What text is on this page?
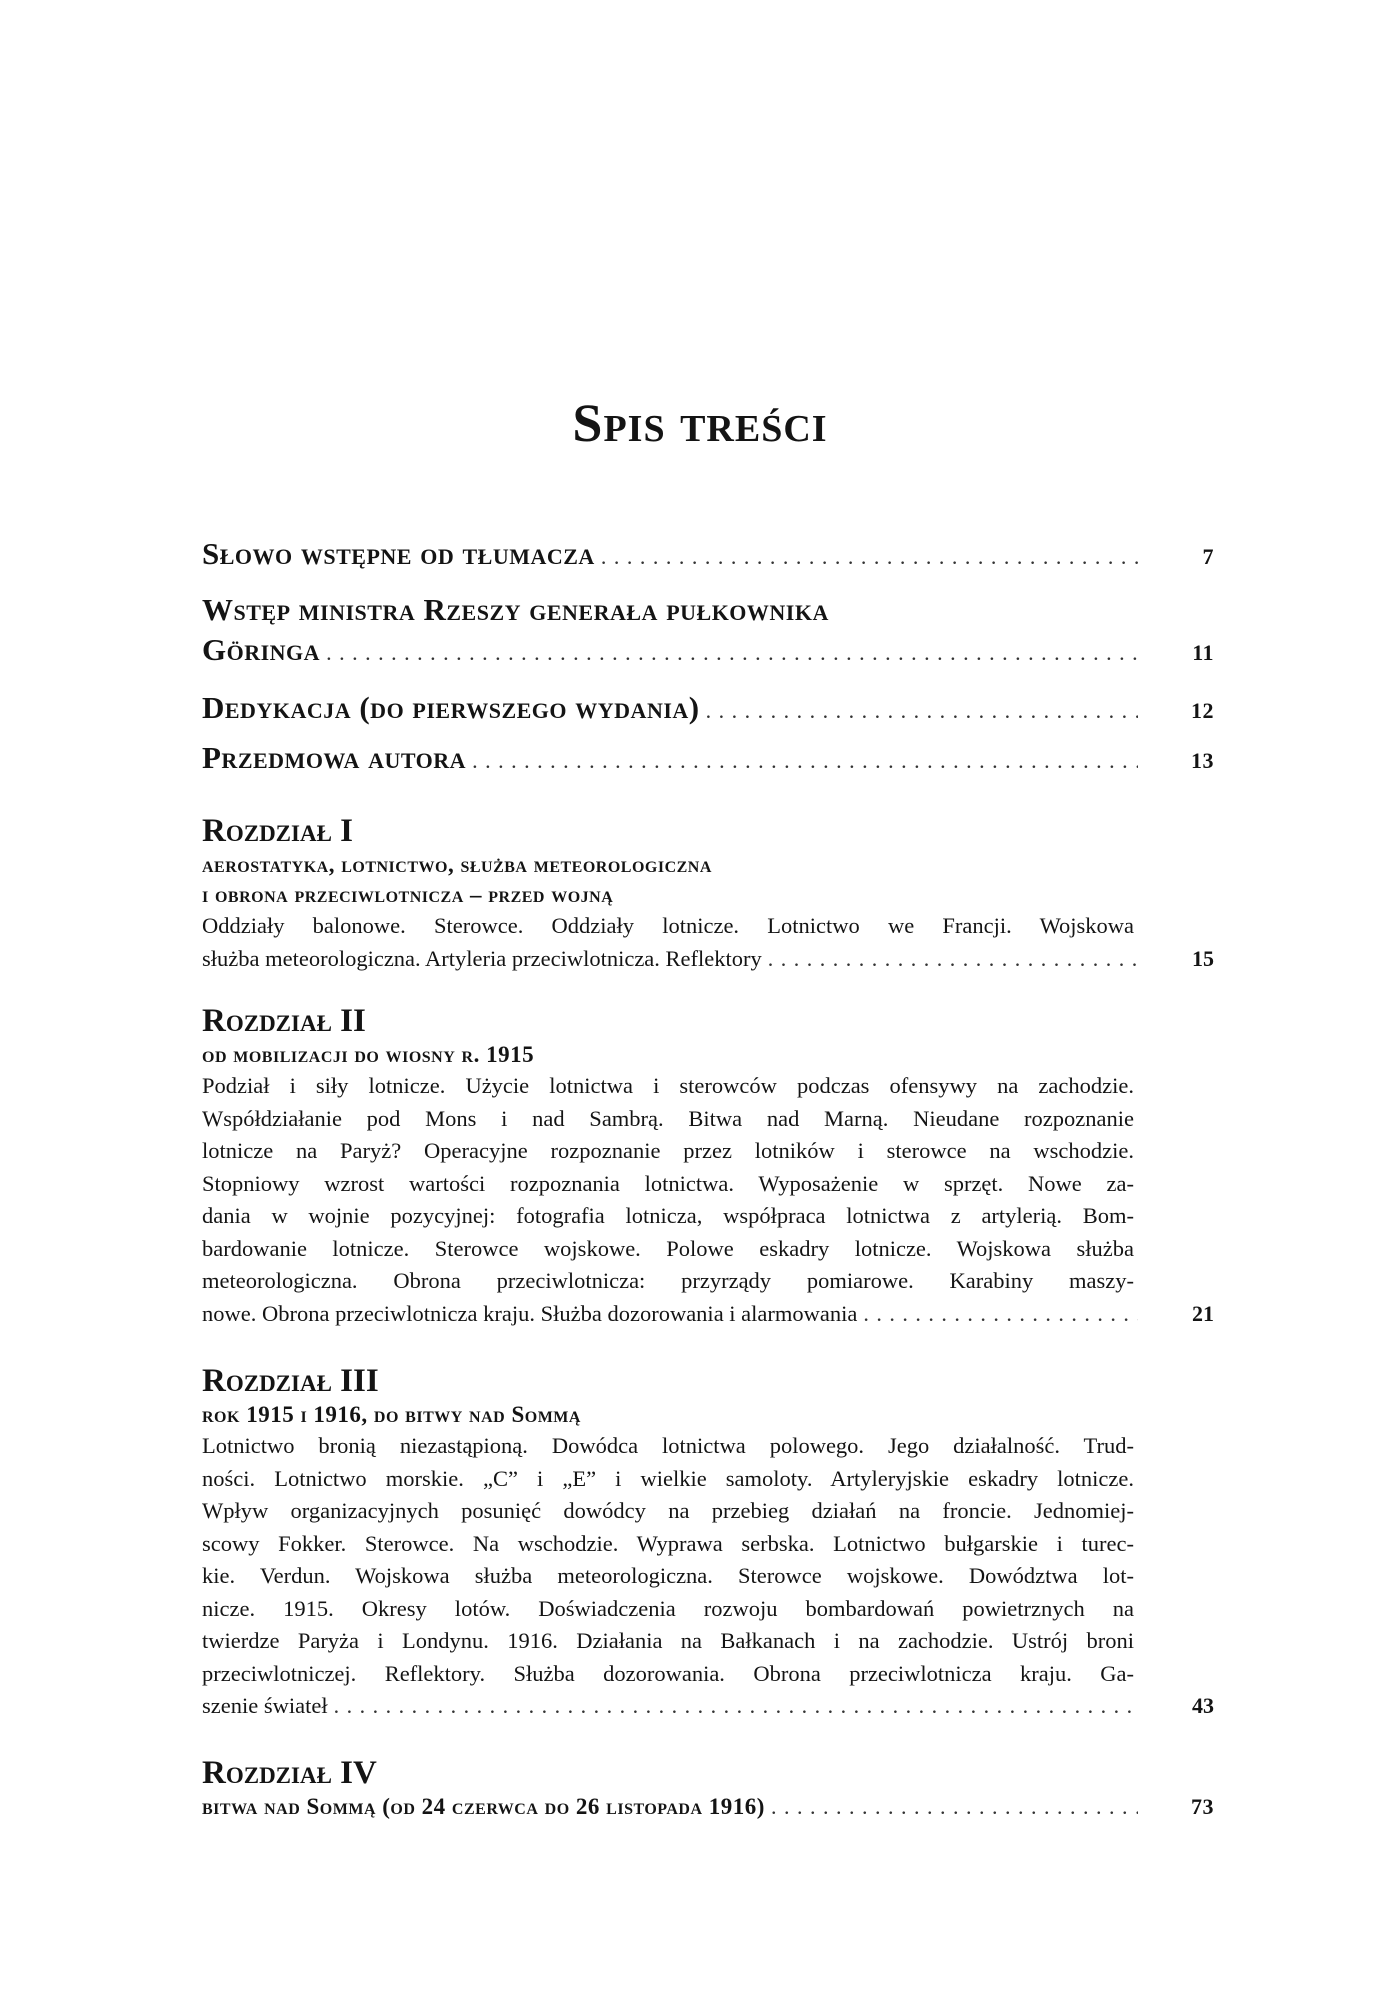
Spis treści
Słowo wstępne od tłumacza . . .	7
Wstęp ministra Rzeszy generała pułkownika
Göringa . . .	11
Dedykacja (do pierwszego wydania) . . .	12
Przedmowa autora . . .	13
Rozdział I
aerostatyka, lotnictwo, służba meteorologiczna
i obrona przeciwlotnicza – przed wojną
Oddziały balonowe. Sterowce. Oddziały lotnicze. Lotnictwo we Francji. Wojskowa
służba meteorologiczna. Artyleria przeciwlotnicza. Reflektory . . .	15
Rozdział II
od mobilizacji do wiosny r. 1915
Podział i siły lotnicze. Użycie lotnictwa i sterowców podczas ofensywy na zachodzie.
Współdziałanie pod Mons i nad Sambrą. Bitwa nad Marną. Nieudane rozpoznanie
lotnicze na Paryż? Operacyjne rozpoznanie przez lotników i sterowce na wschodzie.
Stopniowy wzrost wartości rozpoznania lotnictwa. Wyposażenie w sprzęt. Nowe za-
dania w wojnie pozycyjnej: fotografia lotnicza, współpraca lotnictwa z artylerią. Bom-
bardowanie lotnicze. Sterowce wojskowe. Polowe eskadry lotnicze. Wojskowa służba
meteorologiczna. Obrona przeciwlotnicza: przyrządy pomiarowe. Karabiny maszy-
nowe. Obrona przeciwlotnicza kraju. Służba dozorowania i alarmowania . . .	21
Rozdział III
rok 1915 i 1916, do bitwy nad Sommą
Lotnictwo bronią niezastąpioną. Dowódca lotnictwa polowego. Jego działalność. Trud-
ności. Lotnictwo morskie. „C” i „E” i wielkie samoloty. Artyleryjskie eskadry lotnicze.
Wpływ organizacyjnych posunięć dowódcy na przebieg działań na froncie. Jednomiej-
scowy Fokker. Sterowce. Na wschodzie. Wyprawa serbska. Lotnictwo bułgarskie i turec-
kie. Verdun. Wojskowa służba meteorologiczna. Sterowce wojskowe. Dowództwa lot-
nicze. 1915. Okresy lotów. Doświadczenia rozwoju bombardowań powietrznych na
twierdze Paryża i Londynu. 1916. Działania na Bałkanach i na zachodzie. Ustrój broni
przeciwlotniczej. Reflektory. Służba dozorowania. Obrona przeciwlotnicza kraju. Ga-
szenie świateł . . .	43
Rozdział IV
bitwa nad Sommą (od 24 czerwca do 26 listopada 1916) . . .	73
